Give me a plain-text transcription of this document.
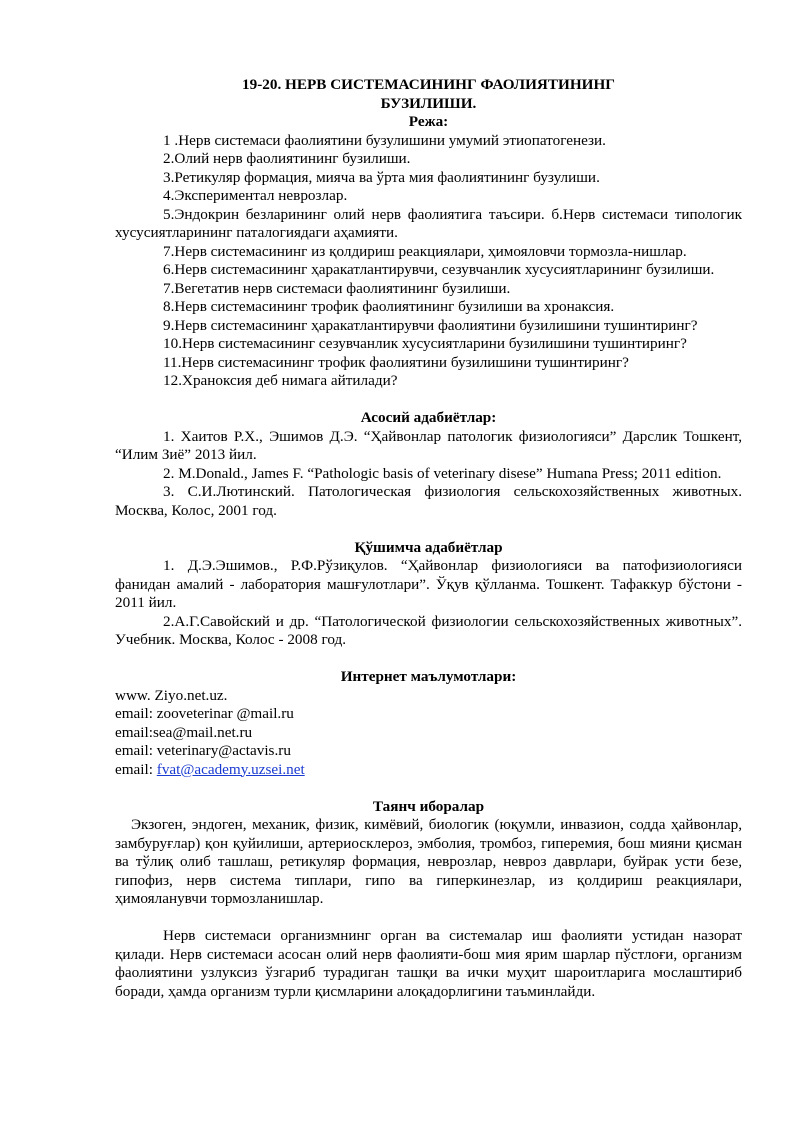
19-20. НЕРВ СИСТЕМАСИНИНГ ФАОЛИЯТИНИНГ
БУЗИЛИШИ.
Режа:
1 .Нерв системаси фаолиятини бузулишини умумий этиопатогенези.
2.Олий нерв фаолиятининг бузилиши.
3.Ретикуляр формация, мияча ва ўрта мия фаолиятининг бузулиши.
4.Экспериментал неврозлар.
5.Эндокрин безларининг олий нерв фаолиятига таъсири. б.Нерв системаси типологик хусусиятларининг паталогиядаги аҳамияти.
7.Нерв системасининг из қолдириш реакциялари, ҳимояловчи тормозла-нишлар.
6.Нерв системасининг ҳаракатлантирувчи, сезувчанлик хусусиятларининг бузилиши.
7.Вегетатив нерв системаси фаолиятининг бузилиши.
8.Нерв системасининг трофик фаолиятининг бузилиши ва хронаксия.
9.Нерв системасининг ҳаракатлантирувчи фаолиятини бузилишини тушинтиринг?
10.Нерв системасининг сезувчанлик хусусиятларини бузилишини тушинтиринг?
11.Нерв системасининг трофик фаолиятини бузилишини тушинтиринг?
12.Храноксия деб нимага айтилади?
Асосий адабиётлар:
1. Хаитов Р.Х., Эшимов Д.Э. “Ҳайвонлар патологик физиологияси” Дарслик Тошкент, “Илим Зиё” 2013 йил.
2. M.Donald., James F. “Pathologic basis of veterinary disese” Humana Press; 2011 edition.
3. С.И.Лютинский. Патологическая физиология сельскохозяйственных животных. Москва, Колос, 2001 год.
Қўшимча адабиётлар
1. Д.Э.Эшимов., Р.Ф.Рўзиқулов. “Ҳайвонлар физиологияси ва патофизиологияси фанидан амалий - лаборатория машғулотлари”. Ўқув қўлланма. Тошкент. Тафаккур бўстони - 2011 йил.
2.А.Г.Савойский и др. “Патологической физиологии сельскохозяйственных животных”. Учебник. Москва, Колос - 2008 год.
Интернет маълумотлари:
www. Ziyo.net.uz.
email: zooveterinar @mail.ru
email:sea@mail.net.ru
email: veterinary@actavis.ru
email: fvat@academy.uzsei.net
Таянч иборалар
Экзоген, эндоген, механик, физик, кимёвий, биологик (юқумли, инвазион, содда ҳайвонлар, замбуруғлар) қон қуйилиши, артериосклероз, эмболия, тромбоз, гиперемия, бош мияни қисман ва тўлиқ олиб ташлаш, ретикуляр формация, неврозлар, невроз даврлари, буйрак усти безе, гипофиз, нерв система типлари, гипо ва гиперкинезлар, из қолдириш реакциялари, ҳимояланувчи тормозланишлар.
Нерв системаси организмнинг орган ва системалар иш фаолияти устидан назорат қилади. Нерв системаси асосан олий нерв фаолияти-бош мия ярим шарлар пўстлоғи, организм фаолиятини узлуксиз ўзгариб турадиган ташқи ва ички муҳит шароитларига мослаштириб боради, ҳамда организм турли қисмларини алоқадорлигини таъминлайди.
